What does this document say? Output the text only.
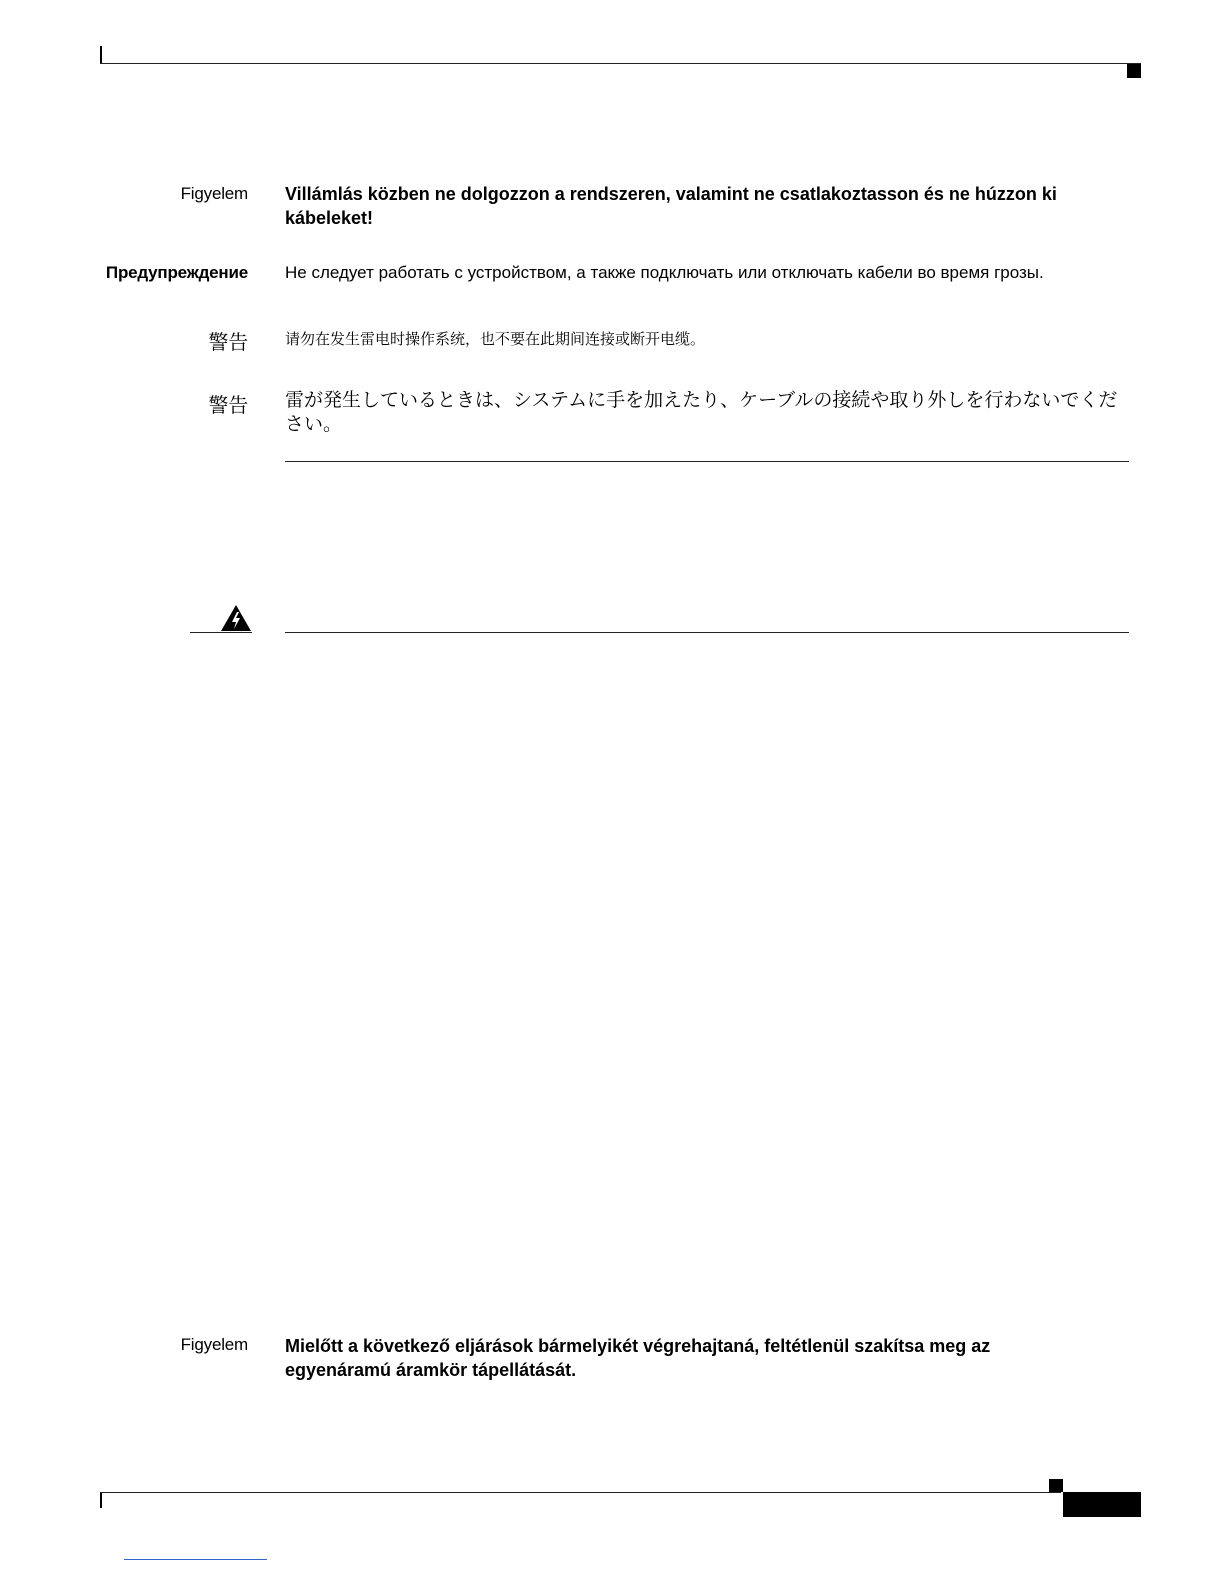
Figyelem Villámlás közben ne dolgozzon a rendszeren, valamint ne csatlakoztasson és ne húzzon ki kábeleket!
Предупреждение Не следует работать с устройством, а также подключать или отключать кабели во время грозы.
警告 请勿在发生雷电时操作系统，也不要在此期间连接或断开电缆。
警告 雷が発生しているときは、システムに手を加えたり、ケーブルの接続や取り外しを行わないでください。
Figyelem Mielőtt a következő eljárások bármelyikét végrehajtaná, feltétlenül szakítsa meg az egyenáramú áramkör tápellátását.
